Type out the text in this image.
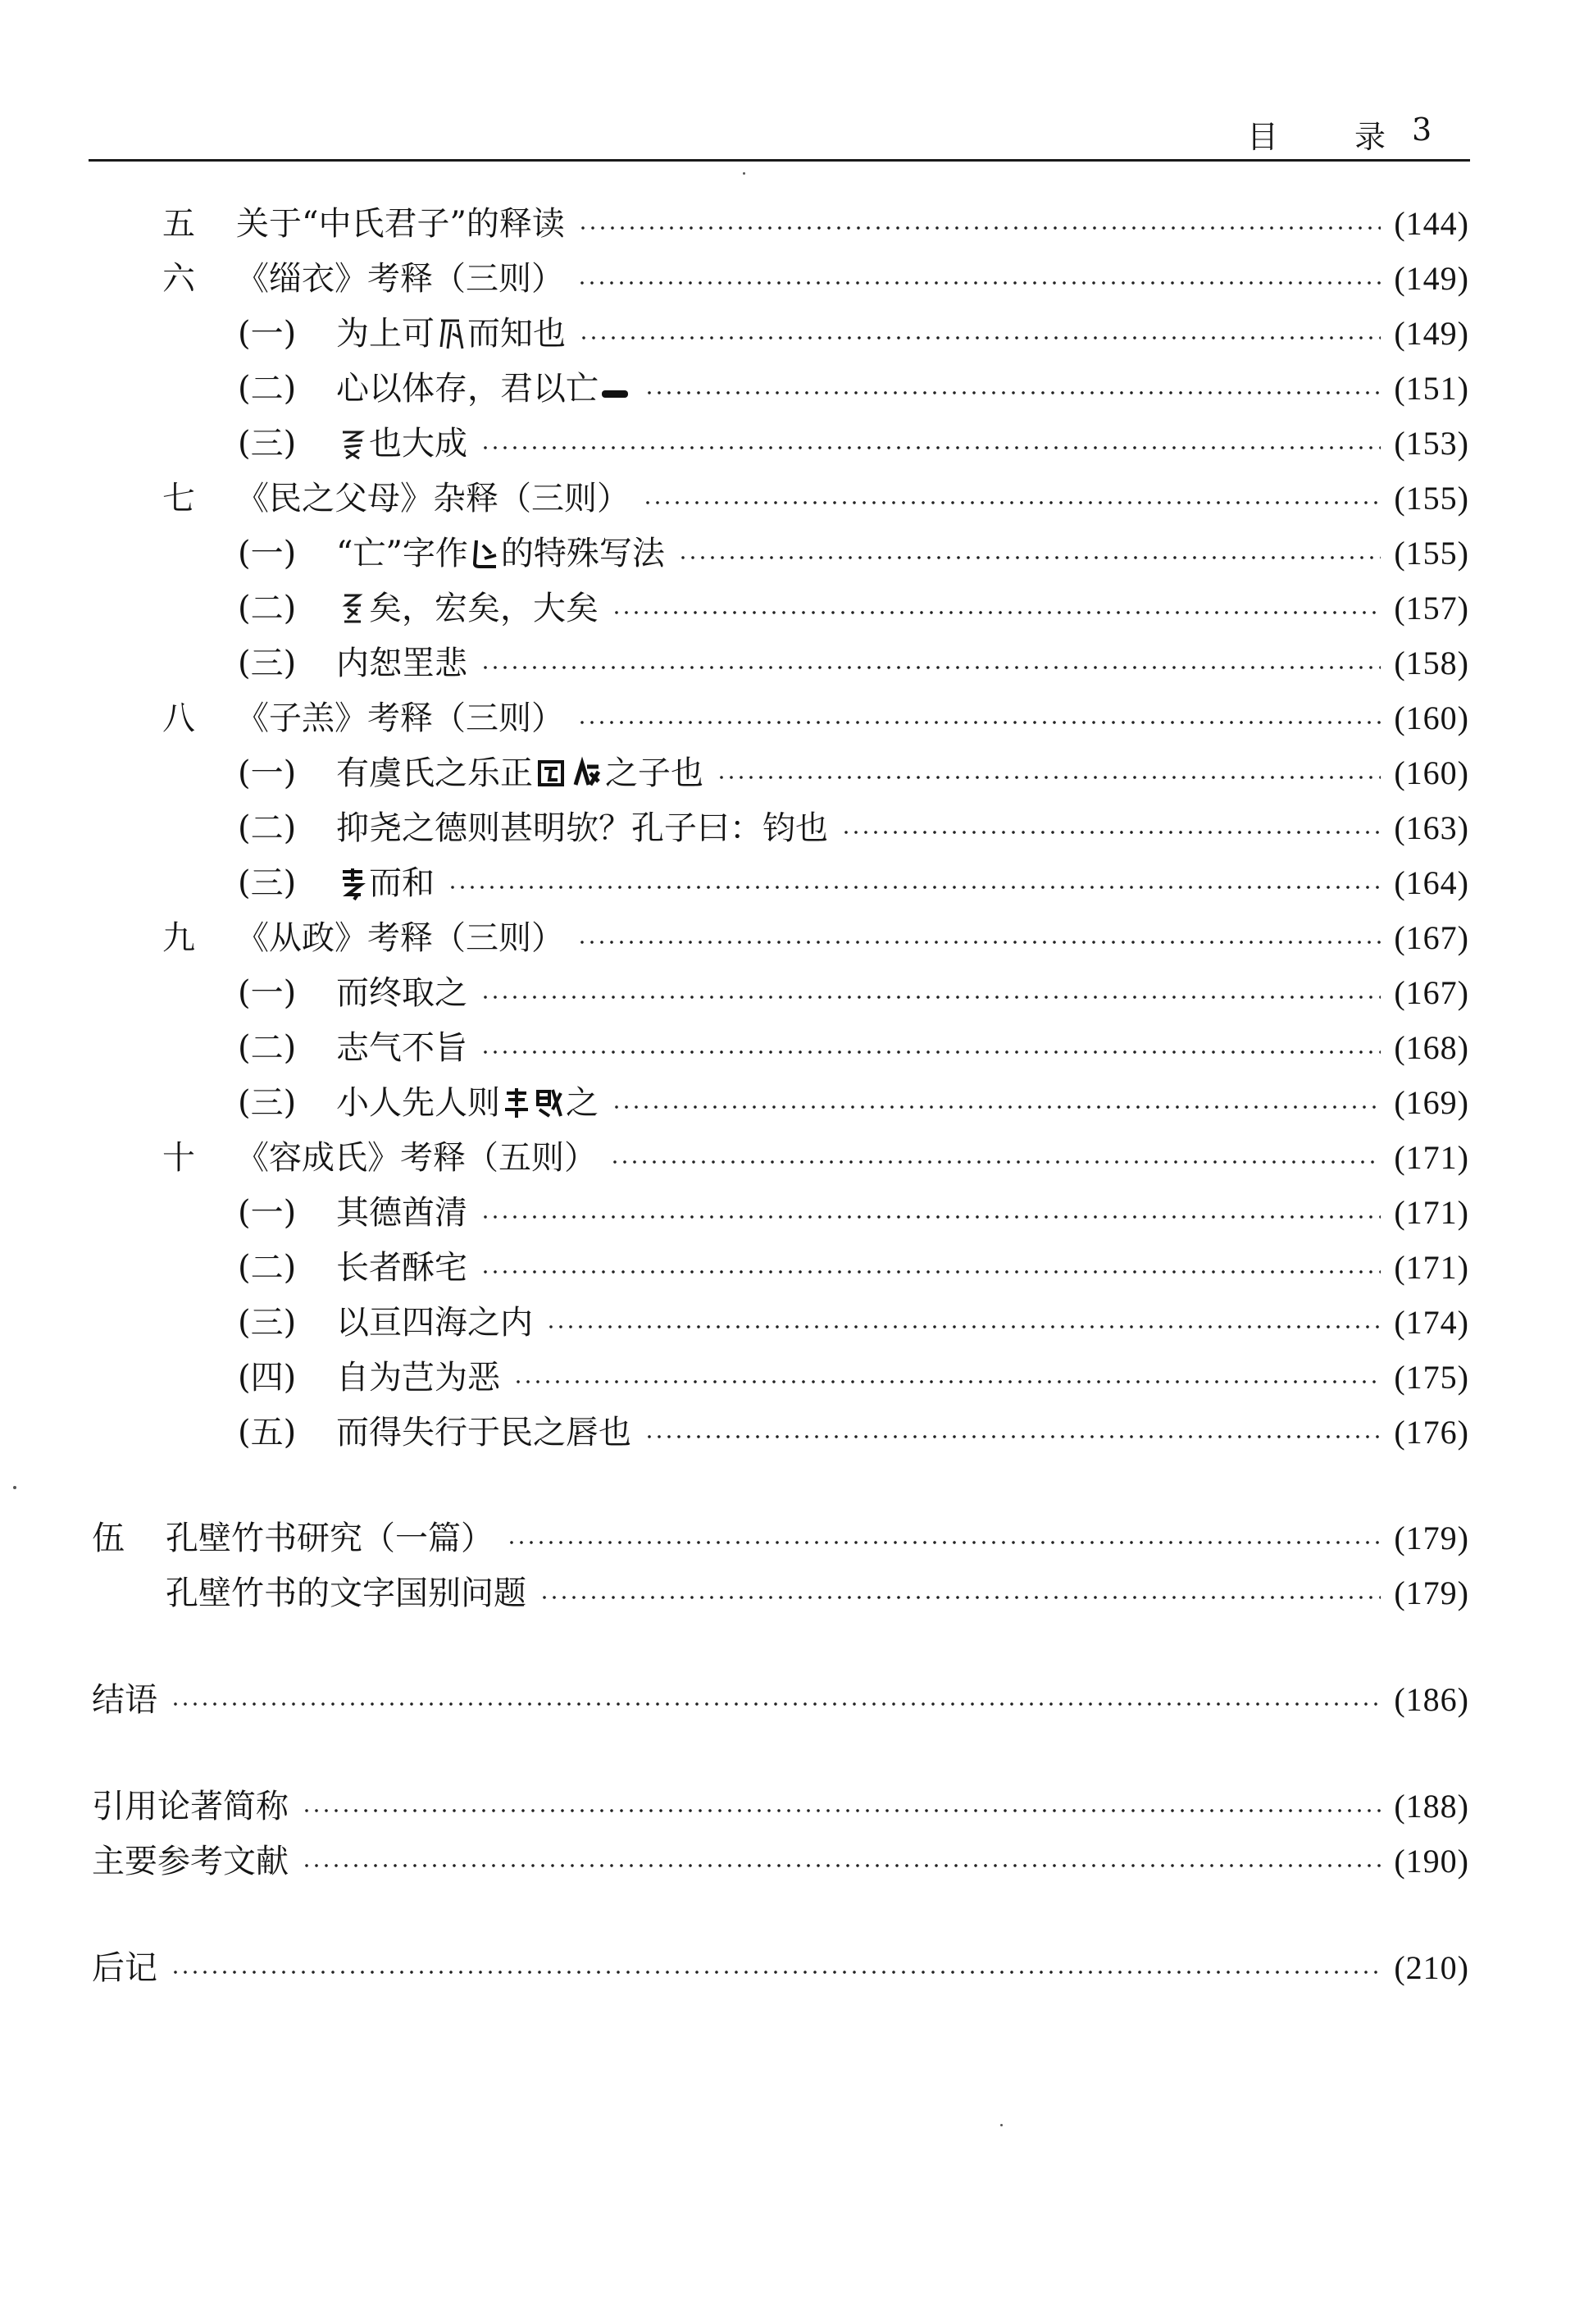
目 录 3
五	关于“中氏君子”的释读	(144)
六	《缁衣》考释（三则）	(149)
(一)	为上可 而知也	(149)
(二)	心以体存，君以亡	(151)
(三)	也大成	(153)
七	《民之父母》杂释（三则）	(155)
(一)	“亡”字作 的特殊写法	(155)
(二)	矣，宏矣，大矣	(157)
(三)	内恕罜悲	(158)
八	《子羔》考释（三则）	(160)
(一)	有虞氏之乐正 之子也	(160)
(二)	抑尧之德则甚明欤？孔子曰：钧也	(163)
(三)	而和	(164)
九	《从政》考释（三则）	(167)
(一)	而终取之	(167)
(二)	志气不旨	(168)
(三)	小人先人则 之	(169)
十	《容成氏》考释（五则）	(171)
(一)	其德酋清	(171)
(二)	长者酥宅	(171)
(三)	以亘四海之内	(174)
(四)	自为芑为恶	(175)
(五)	而得失行于民之唇也	(176)
伍	孔壁竹书研究（一篇）	(179)
孔壁竹书的文字国别问题	(179)
结语	(186)
引用论著简称	(188)
主要参考文献	(190)
后记	(210)
